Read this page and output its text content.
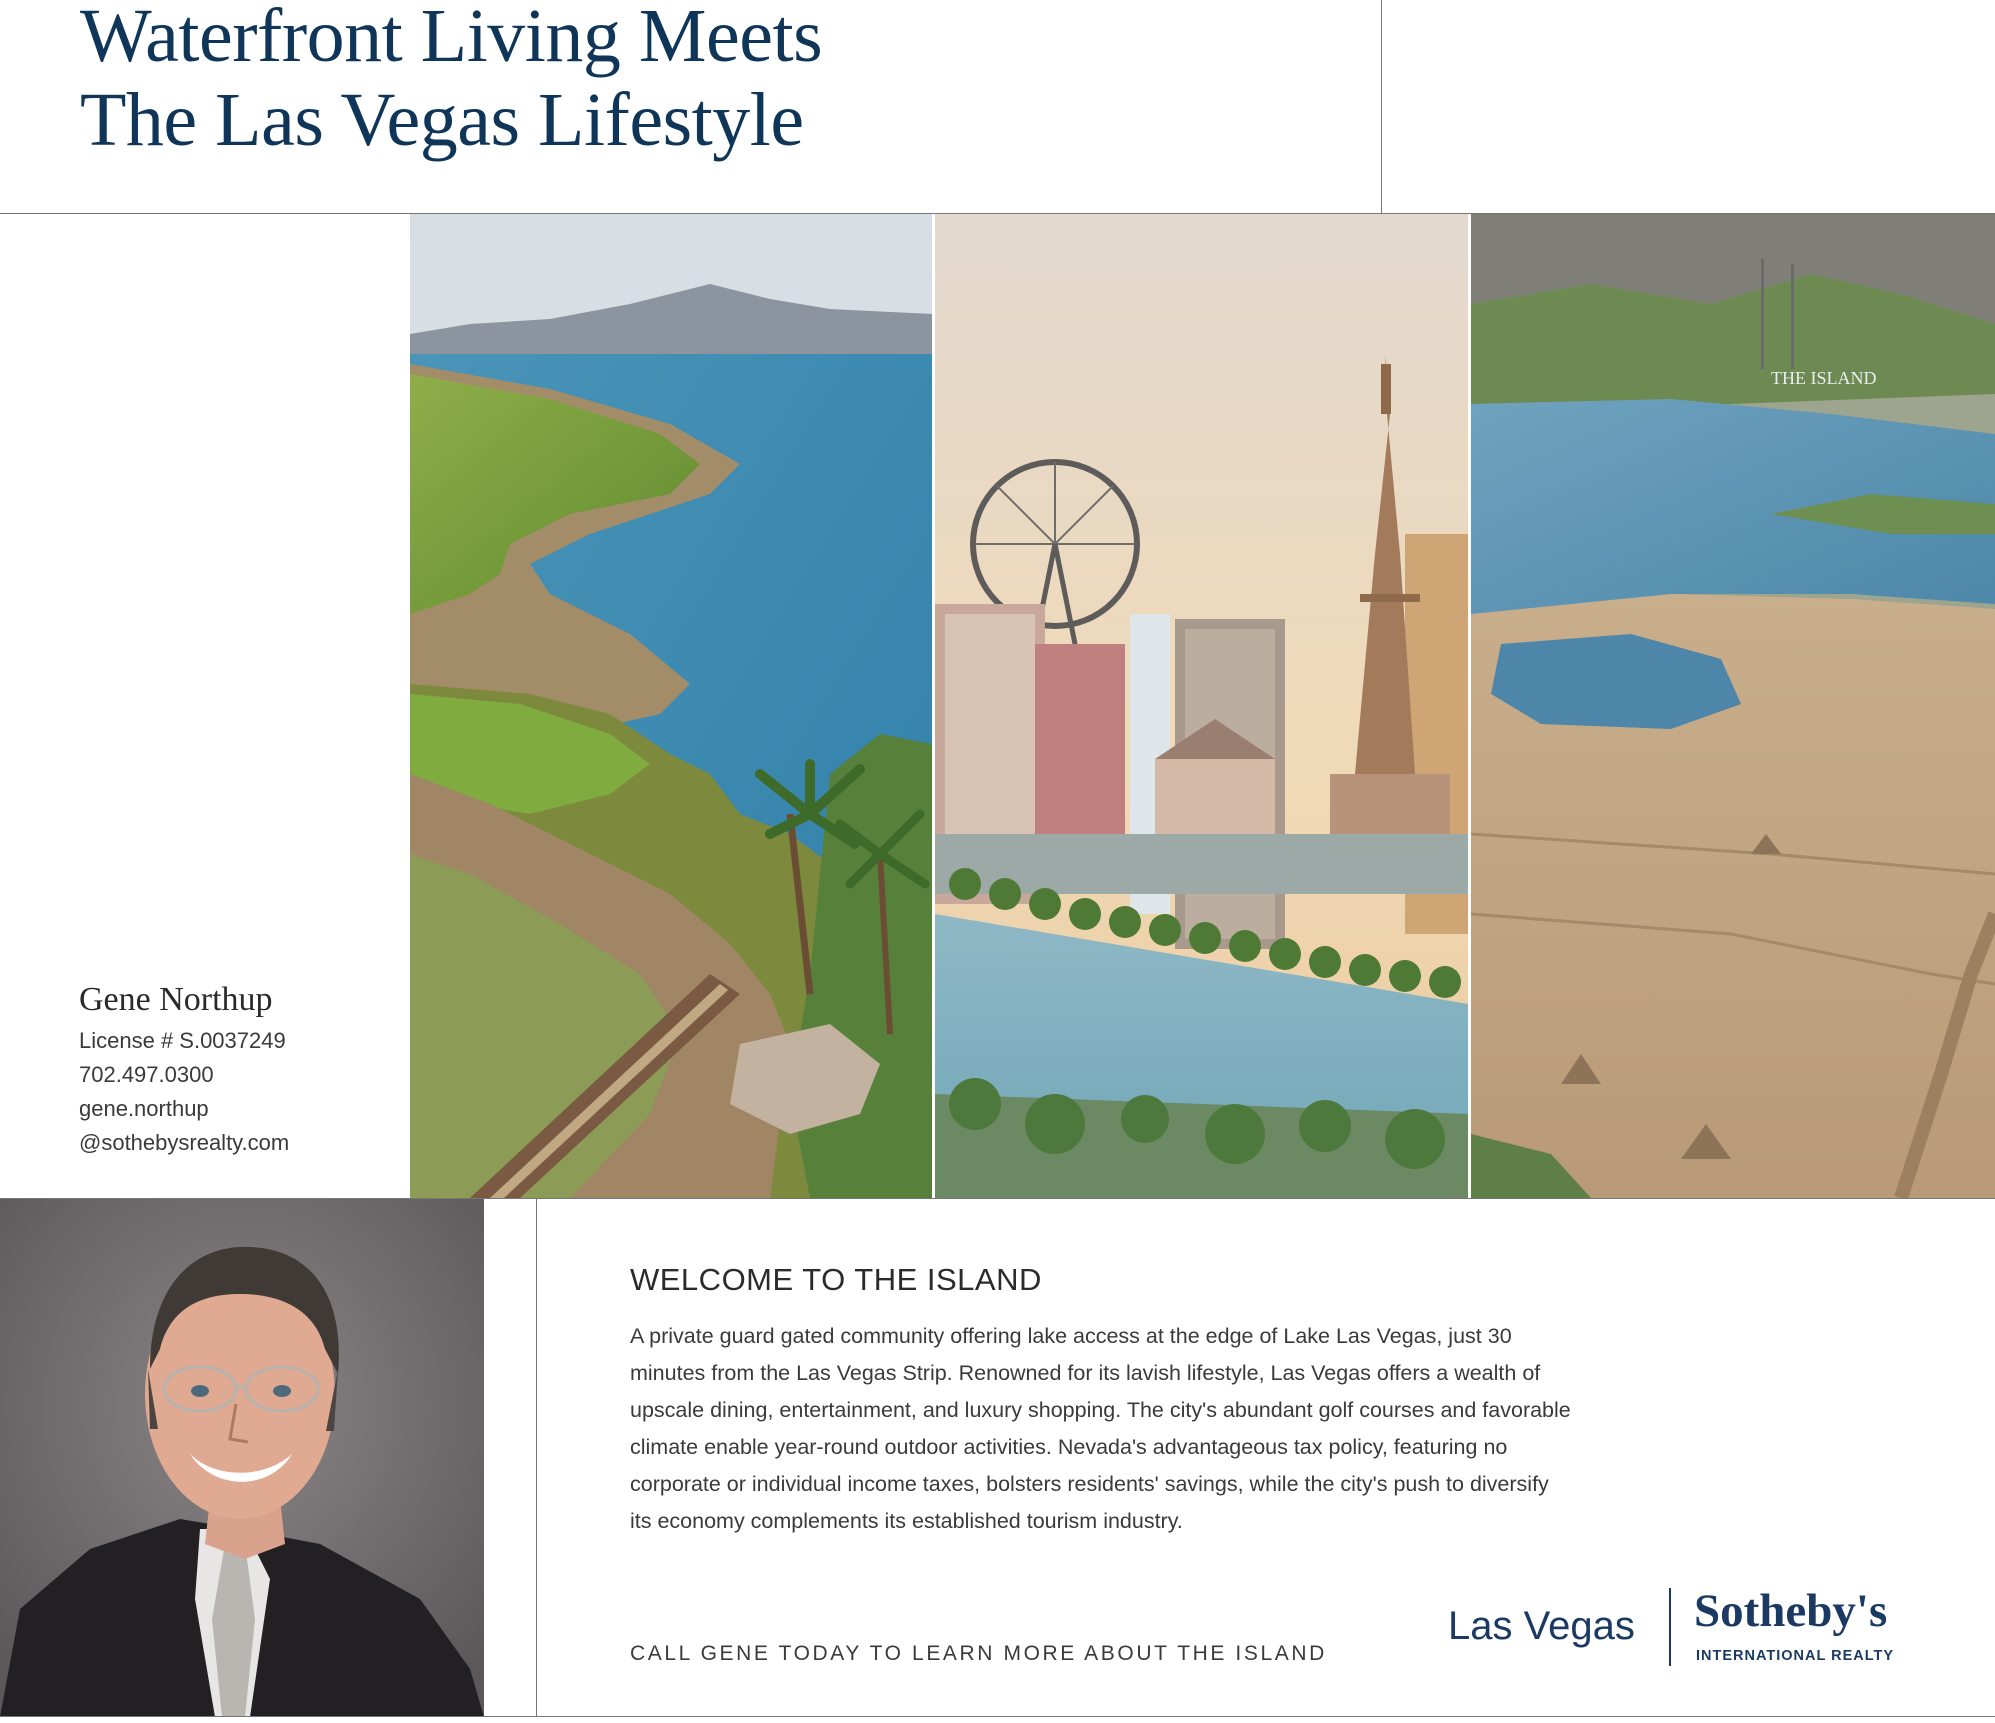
Waterfront Living Meets
The Las Vegas Lifestyle
Gene Northup
License # S.0037249
702.497.0300
gene.northup
@sothebysrealty.com
THE ISLAND
WELCOME TO THE ISLAND

A private guard gated community offering lake access at the edge of Lake Las Vegas, just 30
minutes from the Las Vegas Strip. Renowned for its lavish lifestyle, Las Vegas offers a wealth of
upscale dining, entertainment, and luxury shopping. The city's abundant golf courses and favorable
climate enable year-round outdoor activities. Nevada's advantageous tax policy, featuring no
corporate or individual income taxes, bolsters residents' savings, while the city's push to diversify
its economy complements its established tourism industry.

CALL GENE TODAY TO LEARN MORE ABOUT THE ISLAND
Las Vegas Sotheby's
INTERNATIONAL REALTY
